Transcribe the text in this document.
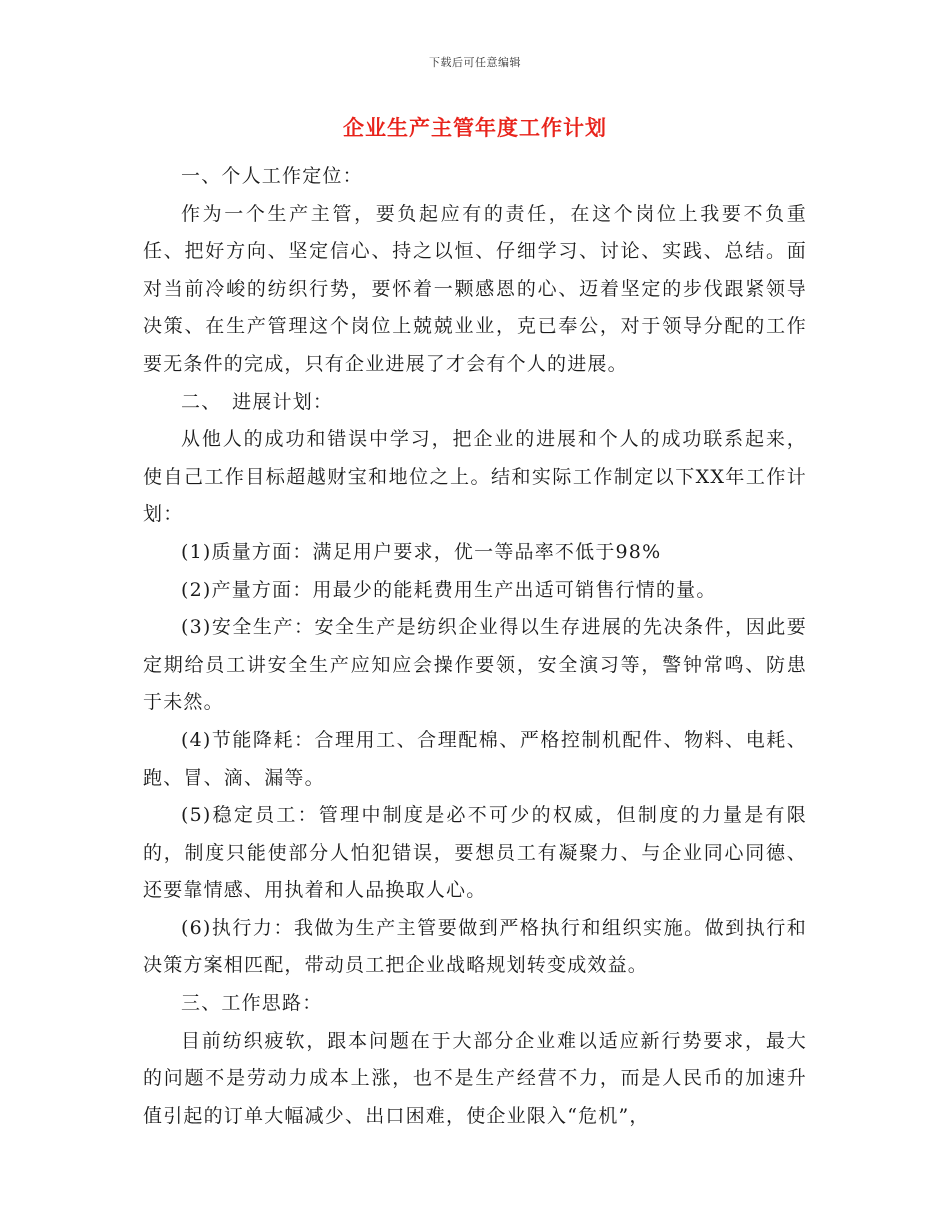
下载后可任意编辑
企业生产主管年度工作计划

一、个人工作定位：

作为一个生产主管，要负起应有的责任，在这个岗位上我要不负重任、把好方向、坚定信心、持之以恒、仔细学习、讨论、实践、总结。面对当前冷峻的纺织行势，要怀着一颗感恩的心、迈着坚定的步伐跟紧领导决策、在生产管理这个岗位上兢兢业业，克已奉公，对于领导分配的工作要无条件的完成，只有企业进展了才会有个人的进展。

二、　进展计划：

从他人的成功和错误中学习，把企业的进展和个人的成功联系起来，使自己工作目标超越财宝和地位之上。结和实际工作制定以下XX年工作计划：

(1)质量方面：满足用户要求，优一等品率不低于98%

(2)产量方面：用最少的能耗费用生产出适可销售行情的量。

(3)安全生产：安全生产是纺织企业得以生存进展的先决条件，因此要定期给员工讲安全生产应知应会操作要领，安全演习等，警钟常鸣、防患于未然。

(4)节能降耗：合理用工、合理配棉、严格控制机配件、物料、电耗、跑、冒、滴、漏等。

(5)稳定员工：管理中制度是必不可少的权威，但制度的力量是有限的，制度只能使部分人怕犯错误，要想员工有凝聚力、与企业同心同德、还要靠情感、用执着和人品换取人心。

(6)执行力：我做为生产主管要做到严格执行和组织实施。做到执行和决策方案相匹配，带动员工把企业战略规划转变成效益。

三、工作思路：

目前纺织疲软，跟本问题在于大部分企业难以适应新行势要求，最大的问题不是劳动力成本上涨，也不是生产经营不力，而是人民币的加速升值引起的订单大幅减少、出口困难，使企业限入“危机”，
